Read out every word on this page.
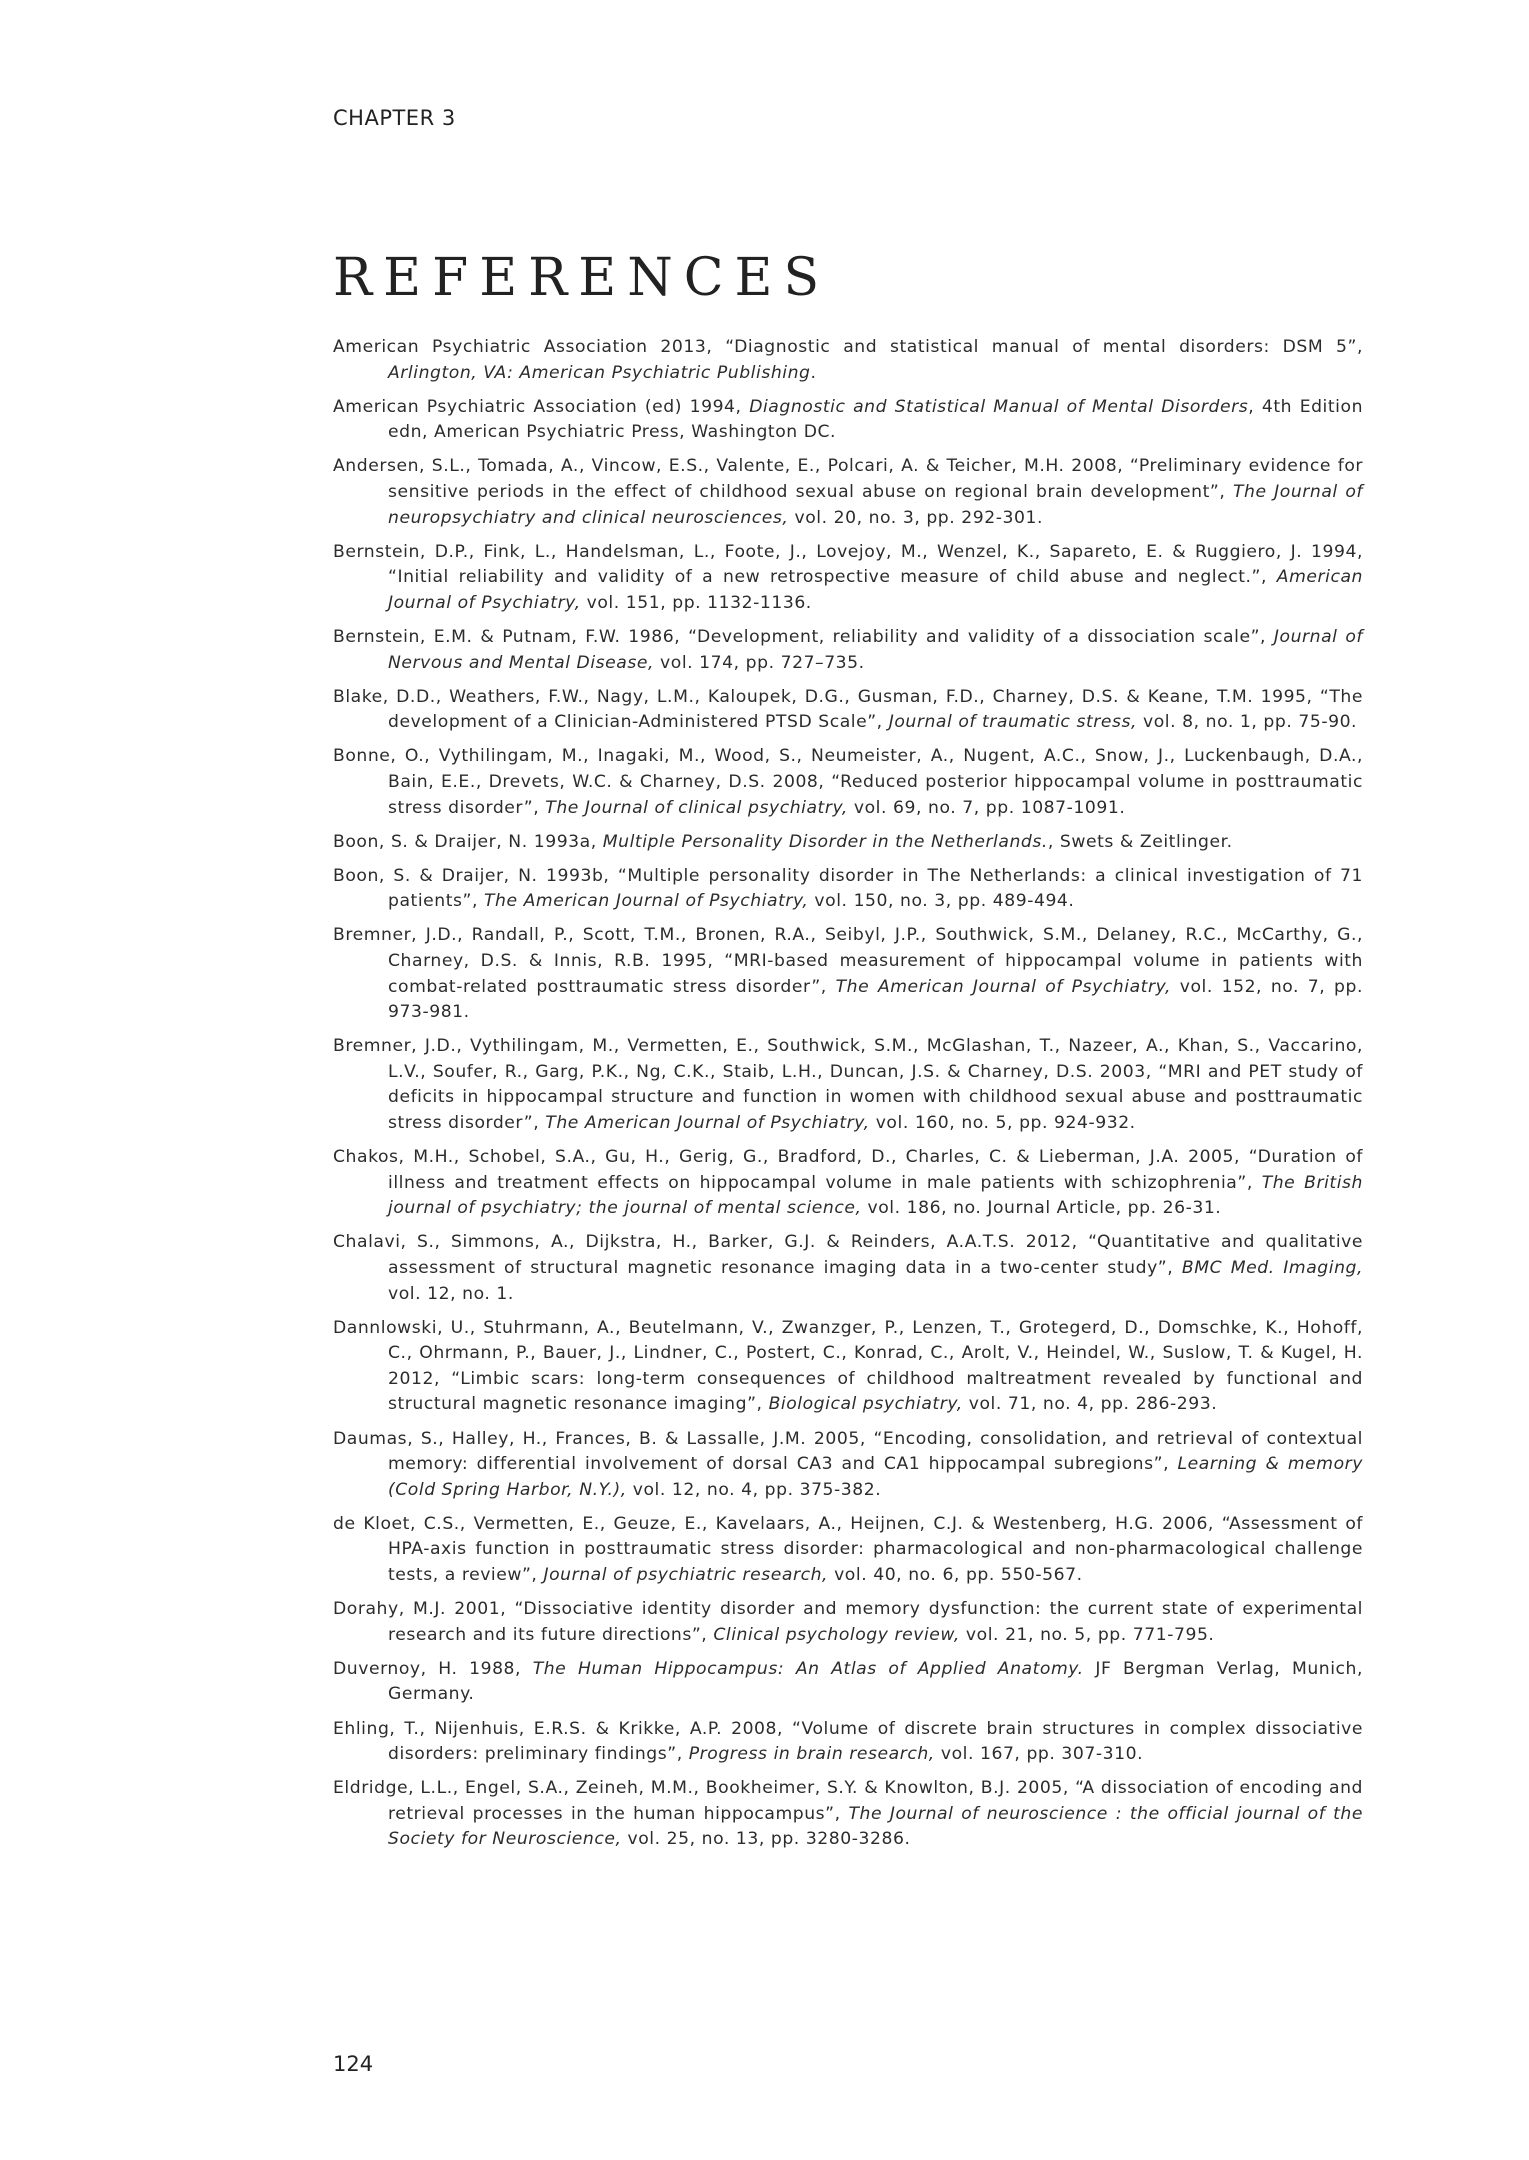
CHAPTER 3
REFERENCES
American Psychiatric Association 2013, “Diagnostic and statistical manual of mental disorders: DSM 5”, Arlington, VA: American Psychiatric Publishing.
American Psychiatric Association (ed) 1994, Diagnostic and Statistical Manual of Mental Disorders, 4th Edition edn, American Psychiatric Press, Washington DC.
Andersen, S.L., Tomada, A., Vincow, E.S., Valente, E., Polcari, A. & Teicher, M.H. 2008, “Preliminary evidence for sensitive periods in the effect of childhood sexual abuse on regional brain development”, The Journal of neuropsychiatry and clinical neurosciences, vol. 20, no. 3, pp. 292-301.
Bernstein, D.P., Fink, L., Handelsman, L., Foote, J., Lovejoy, M., Wenzel, K., Sapareto, E. & Ruggiero, J. 1994, “Initial reliability and validity of a new retrospective measure of child abuse and neglect.”, American Journal of Psychiatry, vol. 151, pp. 1132-1136.
Bernstein, E.M. & Putnam, F.W. 1986, “Development, reliability and validity of a dissociation scale”, Journal of Nervous and Mental Disease, vol. 174, pp. 727–735.
Blake, D.D., Weathers, F.W., Nagy, L.M., Kaloupek, D.G., Gusman, F.D., Charney, D.S. & Keane, T.M. 1995, “The development of a Clinician-Administered PTSD Scale”, Journal of traumatic stress, vol. 8, no. 1, pp. 75-90.
Bonne, O., Vythilingam, M., Inagaki, M., Wood, S., Neumeister, A., Nugent, A.C., Snow, J., Luckenbaugh, D.A., Bain, E.E., Drevets, W.C. & Charney, D.S. 2008, “Reduced posterior hippocampal volume in posttraumatic stress disorder”, The Journal of clinical psychiatry, vol. 69, no. 7, pp. 1087-1091.
Boon, S. & Draijer, N. 1993a, Multiple Personality Disorder in the Netherlands., Swets & Zeitlinger.
Boon, S. & Draijer, N. 1993b, “Multiple personality disorder in The Netherlands: a clinical investigation of 71 patients”, The American Journal of Psychiatry, vol. 150, no. 3, pp. 489-494.
Bremner, J.D., Randall, P., Scott, T.M., Bronen, R.A., Seibyl, J.P., Southwick, S.M., Delaney, R.C., McCarthy, G., Charney, D.S. & Innis, R.B. 1995, “MRI-based measurement of hippocampal volume in patients with combat-related posttraumatic stress disorder”, The American Journal of Psychiatry, vol. 152, no. 7, pp. 973-981.
Bremner, J.D., Vythilingam, M., Vermetten, E., Southwick, S.M., McGlashan, T., Nazeer, A., Khan, S., Vaccarino, L.V., Soufer, R., Garg, P.K., Ng, C.K., Staib, L.H., Duncan, J.S. & Charney, D.S. 2003, “MRI and PET study of deficits in hippocampal structure and function in women with childhood sexual abuse and posttraumatic stress disorder”, The American Journal of Psychiatry, vol. 160, no. 5, pp. 924-932.
Chakos, M.H., Schobel, S.A., Gu, H., Gerig, G., Bradford, D., Charles, C. & Lieberman, J.A. 2005, “Duration of illness and treatment effects on hippocampal volume in male patients with schizophrenia”, The British journal of psychiatry; the journal of mental science, vol. 186, no. Journal Article, pp. 26-31.
Chalavi, S., Simmons, A., Dijkstra, H., Barker, G.J. & Reinders, A.A.T.S. 2012, “Quantitative and qualitative assessment of structural magnetic resonance imaging data in a two-center study”, BMC Med. Imaging, vol. 12, no. 1.
Dannlowski, U., Stuhrmann, A., Beutelmann, V., Zwanzger, P., Lenzen, T., Grotegerd, D., Domschke, K., Hohoff, C., Ohrmann, P., Bauer, J., Lindner, C., Postert, C., Konrad, C., Arolt, V., Heindel, W., Suslow, T. & Kugel, H. 2012, “Limbic scars: long-term consequences of childhood maltreatment revealed by functional and structural magnetic resonance imaging”, Biological psychiatry, vol. 71, no. 4, pp. 286-293.
Daumas, S., Halley, H., Frances, B. & Lassalle, J.M. 2005, “Encoding, consolidation, and retrieval of contextual memory: differential involvement of dorsal CA3 and CA1 hippocampal subregions”, Learning & memory (Cold Spring Harbor, N.Y.), vol. 12, no. 4, pp. 375-382.
de Kloet, C.S., Vermetten, E., Geuze, E., Kavelaars, A., Heijnen, C.J. & Westenberg, H.G. 2006, “Assessment of HPA-axis function in posttraumatic stress disorder: pharmacological and non-pharmacological challenge tests, a review”, Journal of psychiatric research, vol. 40, no. 6, pp. 550-567.
Dorahy, M.J. 2001, “Dissociative identity disorder and memory dysfunction: the current state of experimental research and its future directions”, Clinical psychology review, vol. 21, no. 5, pp. 771-795.
Duvernoy, H. 1988, The Human Hippocampus: An Atlas of Applied Anatomy. JF Bergman Verlag, Munich, Germany.
Ehling, T., Nijenhuis, E.R.S. & Krikke, A.P. 2008, “Volume of discrete brain structures in complex dissociative disorders: preliminary findings”, Progress in brain research, vol. 167, pp. 307-310.
Eldridge, L.L., Engel, S.A., Zeineh, M.M., Bookheimer, S.Y. & Knowlton, B.J. 2005, “A dissociation of encoding and retrieval processes in the human hippocampus”, The Journal of neuroscience : the official journal of the Society for Neuroscience, vol. 25, no. 13, pp. 3280-3286.
124
